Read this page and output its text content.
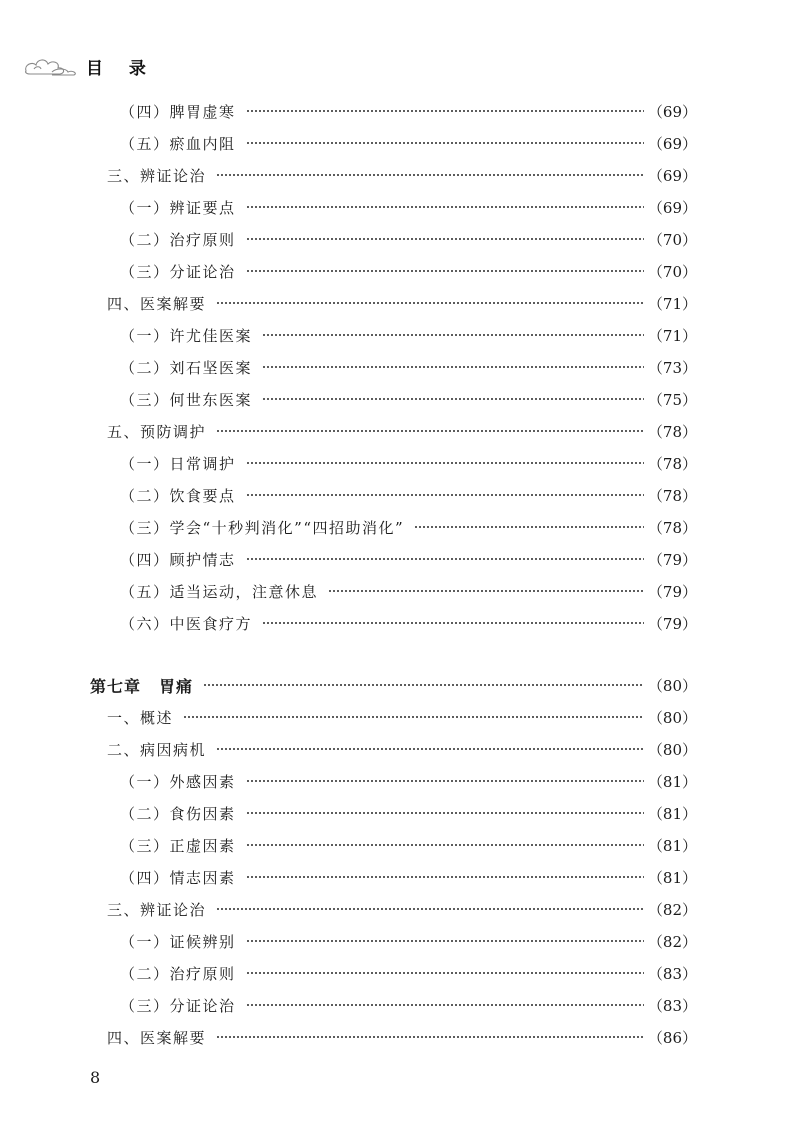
目 录
（四）脾胃虚寒	（69）
（五）瘀血内阻	（69）
三、辨证论治	（69）
（一）辨证要点	（69）
（二）治疗原则	（70）
（三）分证论治	（70）
四、医案解要	（71）
（一）许尤佳医案	（71）
（二）刘石坚医案	（73）
（三）何世东医案	（75）
五、预防调护	（78）
（一）日常调护	（78）
（二）饮食要点	（78）
（三）学会“十秒判消化”“四招助消化”	（78）
（四）顾护情志	（79）
（五）适当运动，注意休息	（79）
（六）中医食疗方	（79）
第七章 胃痛	（80）
一、概述	（80）
二、病因病机	（80）
（一）外感因素	（81）
（二）食伤因素	（81）
（三）正虚因素	（81）
（四）情志因素	（81）
三、辨证论治	（82）
（一）证候辨别	（82）
（二）治疗原则	（83）
（三）分证论治	（83）
四、医案解要	（86）
8
